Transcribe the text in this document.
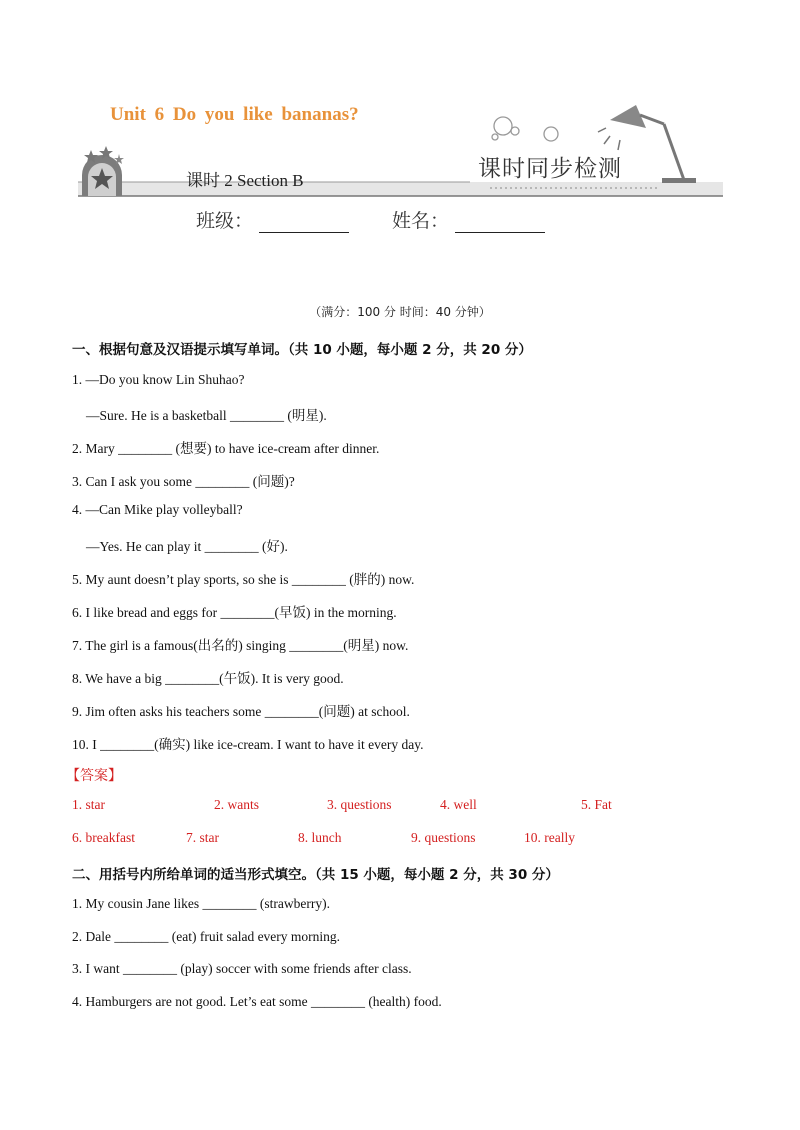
Unit 6 Do you like bananas?
课时 2 Section B	课时同步检测
班级：	姓名：
（满分：100 分 时间：40 分钟）
一、根据句意及汉语提示填写单词。（共 10 小题，每小题 2 分，共 20 分）
1. —Do you know Lin Shuhao?
—Sure. He is a basketball ________ (明星).
2. Mary ________ (想要) to have ice-cream after dinner.
3. Can I ask you some ________ (问题)?
4. —Can Mike play volleyball?
—Yes. He can play it ________ (好).
5. My aunt doesn’t play sports, so she is ________ (胖的) now.
6. I like bread and eggs for ________(早饭) in the morning.
7. The girl is a famous(出名的) singing ________(明星) now.
8. We have a big ________(午饭). It is very good.
9. Jim often asks his teachers some ________(问题) at school.
10. I ________(确实) like ice-cream. I want to have it every day.
【答案】
1. star	2. wants	3. questions	4. well	5. Fat
6. breakfast	7. star	8. lunch	9. questions	10. really
二、用括号内所给单词的适当形式填空。（共 15 小题，每小题 2 分，共 30 分）
1. My cousin Jane likes ________ (strawberry).
2. Dale ________ (eat) fruit salad every morning.
3. I want ________ (play) soccer with some friends after class.
4. Hamburgers are not good. Let’s eat some ________ (health) food.
